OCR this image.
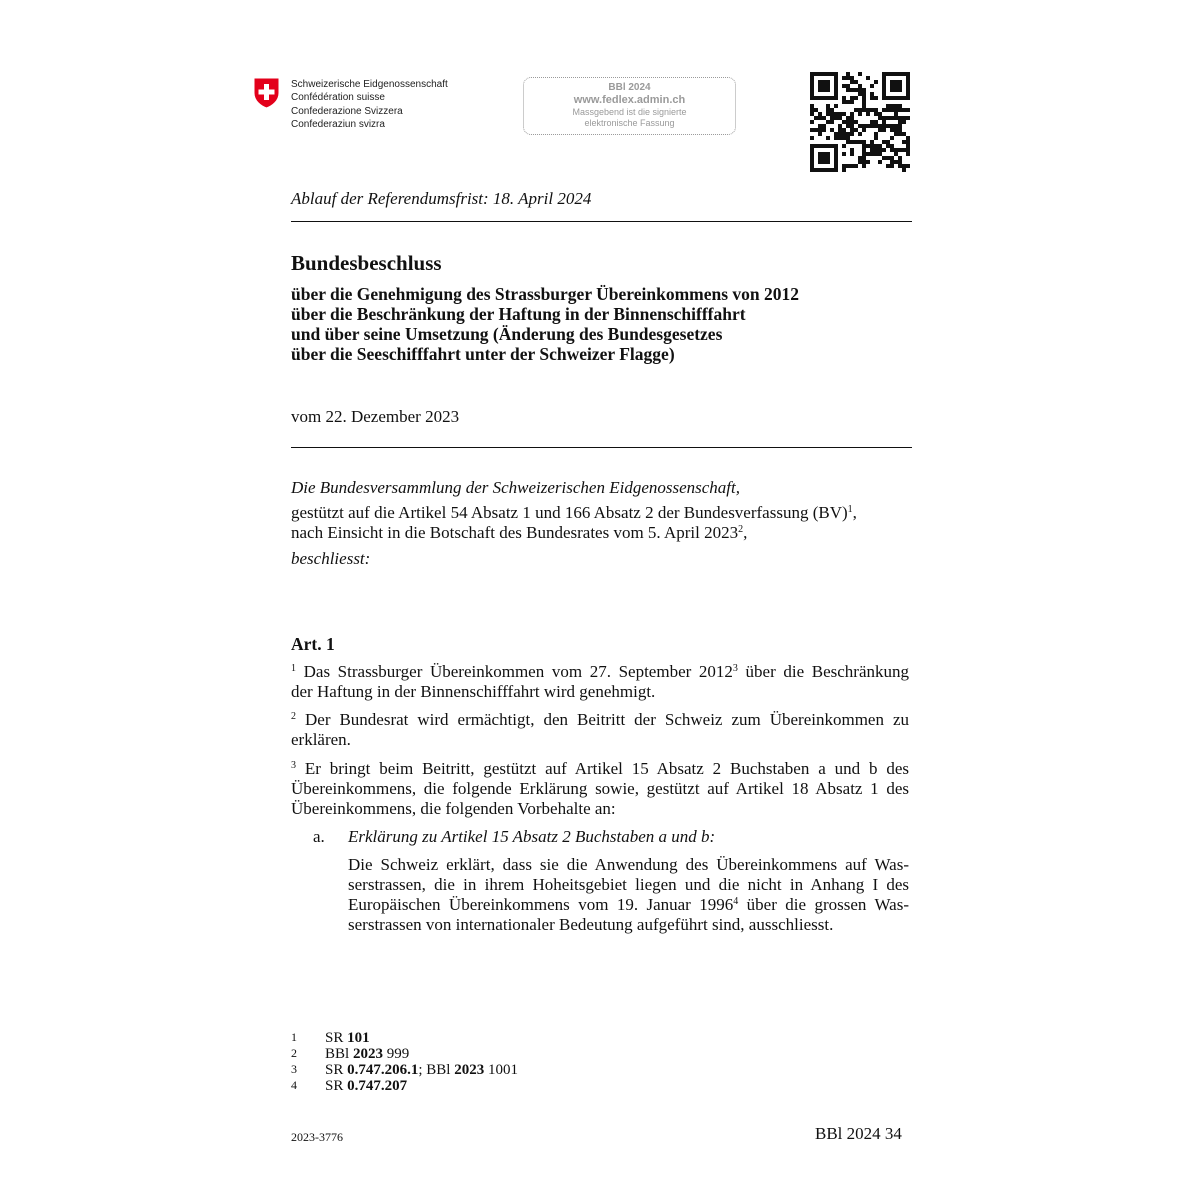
Schweizerische Eidgenossenschaft
Confédération suisse
Confederazione Svizzera
Confederaziun svizra
BBl 2024
www.fedlex.admin.ch
Massgebend ist die signierte
elektronische Fassung
Ablauf der Referendumsfrist: 18. April 2024
Bundesbeschluss
über die Genehmigung des Strassburger Übereinkommens von 2012
über die Beschränkung der Haftung in der Binnenschifffahrt
und über seine Umsetzung (Änderung des Bundesgesetzes
über die Seeschifffahrt unter der Schweizer Flagge)
vom 22. Dezember 2023
Die Bundesversammlung der Schweizerischen Eidgenossenschaft,
gestützt auf die Artikel 54 Absatz 1 und 166 Absatz 2 der Bundesverfassung (BV)$^1$,
nach Einsicht in die Botschaft des Bundesrates vom 5. April 2023$^2$,
beschliesst:
Art. 1
$^1$ Das Strassburger Übereinkommen vom 27. September 2012$^3$ über die Beschränkung
der Haftung in der Binnenschifffahrt wird genehmigt.
$^2$ Der Bundesrat wird ermächtigt, den Beitritt der Schweiz zum Übereinkommen zu
erklären.
$^3$ Er bringt beim Beitritt, gestützt auf Artikel 15 Absatz 2 Buchstaben a und b des
Übereinkommens, die folgende Erklärung sowie, gestützt auf Artikel 18 Absatz 1 des
Übereinkommens, die folgenden Vorbehalte an:
a. Erklärung zu Artikel 15 Absatz 2 Buchstaben a und b:
Die Schweiz erklärt, dass sie die Anwendung des Übereinkommens auf Was-
serstrassen, die in ihrem Hoheitsgebiet liegen und die nicht in Anhang I des
Europäischen Übereinkommens vom 19. Januar 1996$^4$ über die grossen Was-
serstrassen von internationaler Bedeutung aufgeführt sind, ausschliesst.
1 SR 101
2 BBl 2023 999
3 SR 0.747.206.1; BBl 2023 1001
4 SR 0.747.207
2023-3776	BBl 2024 34
